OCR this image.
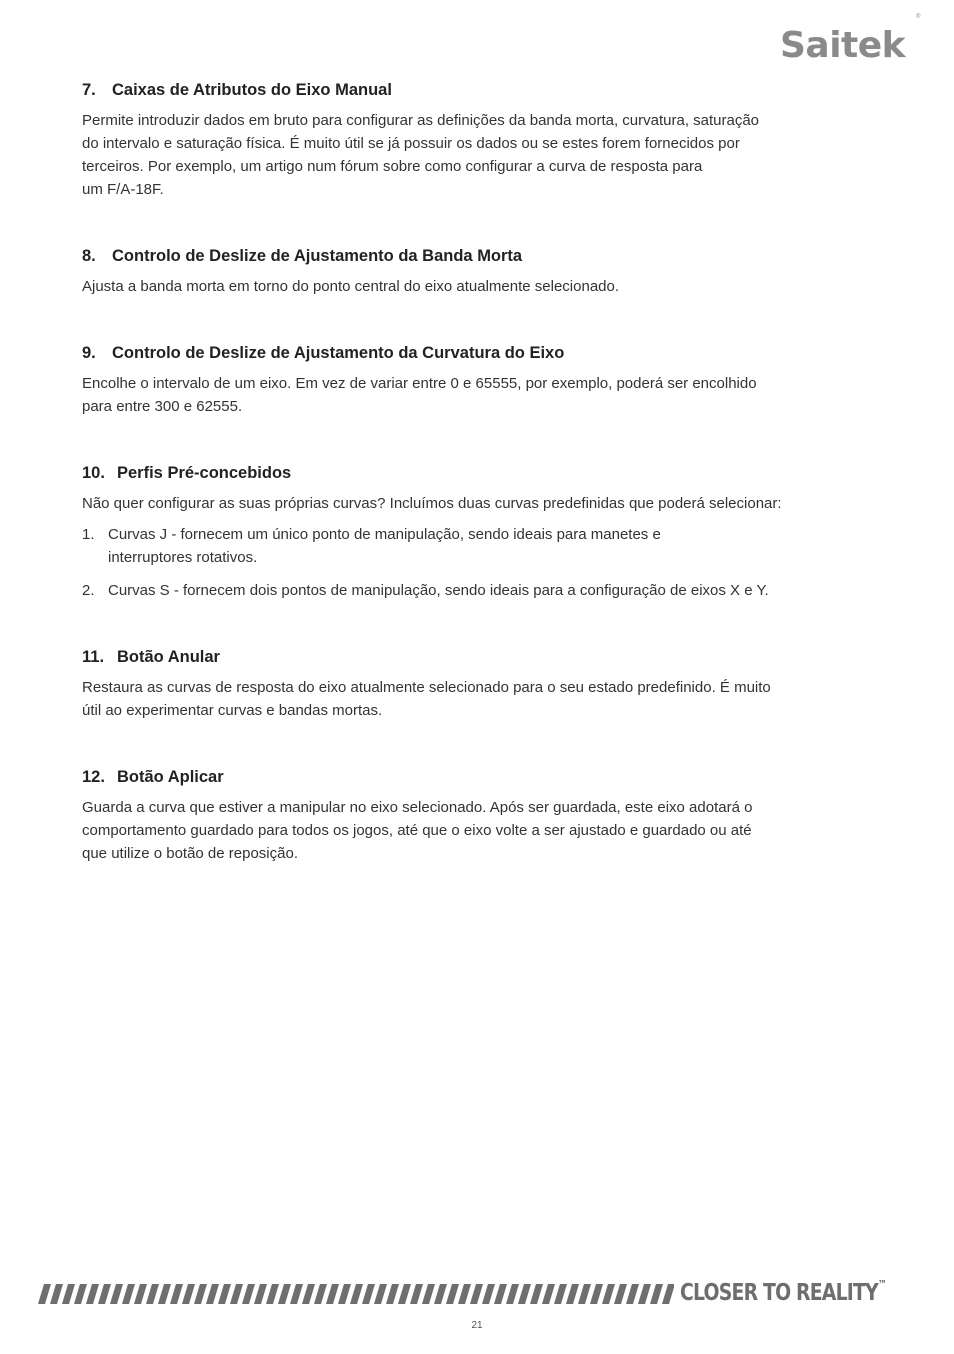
Saitek
®
7. Caixas de Atributos do Eixo Manual

Permite introduzir dados em bruto para configurar as definições da banda morta, curvatura, saturação
do intervalo e saturação física. É muito útil se já possuir os dados ou se estes forem fornecidos por
terceiros. Por exemplo, um artigo num fórum sobre como configurar a curva de resposta para
um F/A-18F.

8. Controlo de Deslize de Ajustamento da Banda Morta

Ajusta a banda morta em torno do ponto central do eixo atualmente selecionado.

9. Controlo de Deslize de Ajustamento da Curvatura do Eixo

Encolhe o intervalo de um eixo. Em vez de variar entre 0 e 65555, por exemplo, poderá ser encolhido
para entre 300 e 62555.

10. Perfis Pré-concebidos

Não quer configurar as suas próprias curvas? Incluímos duas curvas predefinidas que poderá selecionar:

1. Curvas J - fornecem um único ponto de manipulação, sendo ideais para manetes e
interruptores rotativos.
2. Curvas S - fornecem dois pontos de manipulação, sendo ideais para a configuração de eixos X e Y.
11. Botão Anular

Restaura as curvas de resposta do eixo atualmente selecionado para o seu estado predefinido. É muito
útil ao experimentar curvas e bandas mortas.

12. Botão Aplicar

Guarda a curva que estiver a manipular no eixo selecionado. Após ser guardada, este eixo adotará o
comportamento guardado para todos os jogos, até que o eixo volte a ser ajustado e guardado ou até
que utilize o botão de reposição.

CLOSER TO REALITY™
21
